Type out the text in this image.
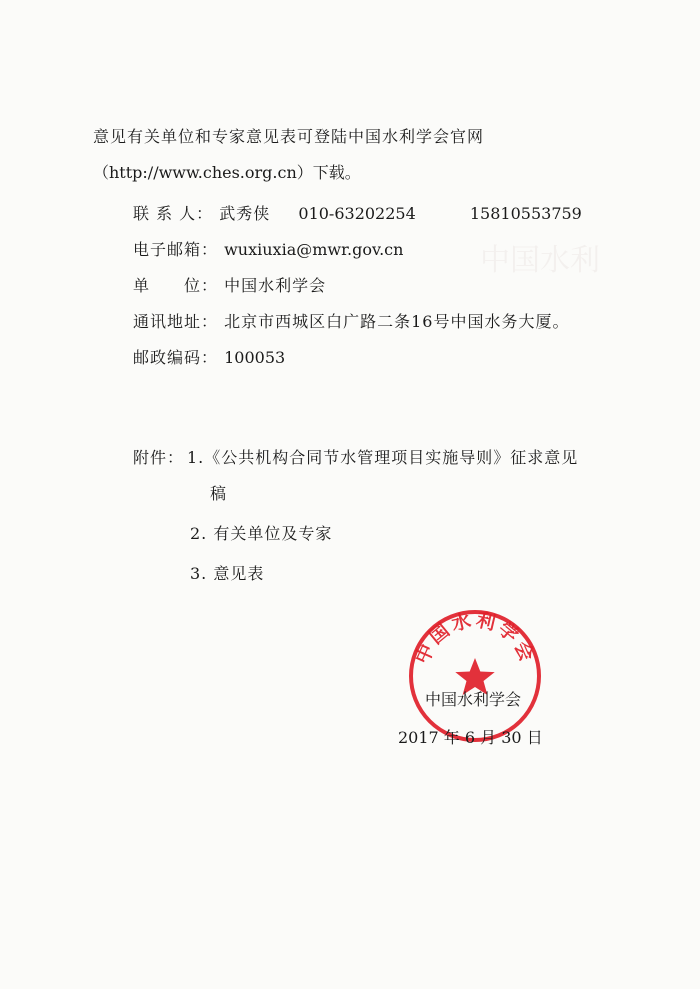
中国水利
意见有关单位和专家意见表可登陆中国水利学会官网
（http://www.ches.org.cn）下载。
联 系 人： 武秀侠 010-63202254	15810553759
电子邮箱： wuxiuxia@mwr.gov.cn
单　　位： 中国水利学会
通讯地址： 北京市西城区白广路二条16号中国水务大厦。
邮政编码： 100053
附件： 1.《公共机构合同节水管理项目实施导则》征求意见
稿
2. 有关单位及专家
3. 意见表
中国水利学会
中国水利学会
2017 年 6 月 30 日
